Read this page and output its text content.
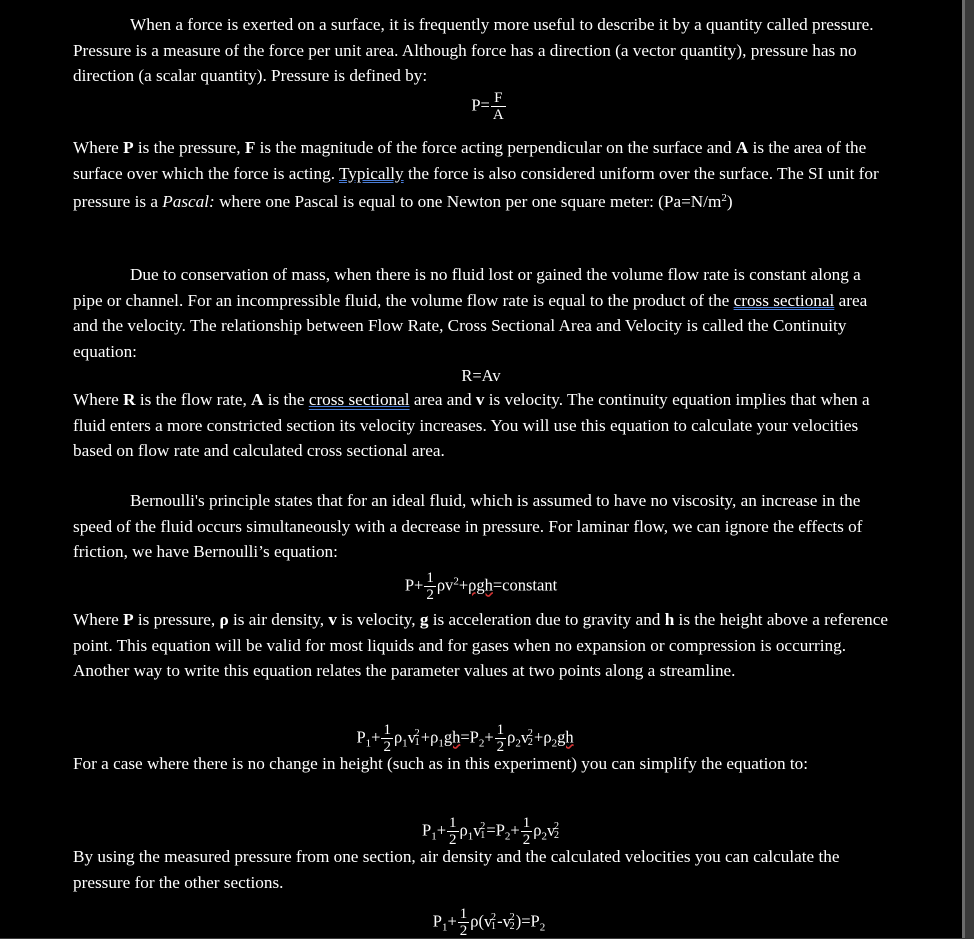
When a force is exerted on a surface, it is frequently more useful to describe it by a quantity called pressure. Pressure is a measure of the force per unit area. Although force has a direction (a vector quantity), pressure has no direction (a scalar quantity). Pressure is defined by:

$P= \frac{F}{A}$

Where P is the pressure, F is the magnitude of the force acting perpendicular on the surface and A is the area of the surface over which the force is acting. Typically the force is also considered uniform over the surface. The SI unit for pressure is a Pascal: where one Pascal is equal to one Newton per one square meter: $(Pa=N/m^2)$

Due to conservation of mass, when there is no fluid lost or gained the volume flow rate is constant along a pipe or channel. For an incompressible fluid, the volume flow rate is equal to the product of the cross sectional area and the velocity. The relationship between Flow Rate, Cross Sectional Area and Velocity is called the Continuity equation:

R=Av

Where R is the flow rate, A is the cross sectional area and v is velocity. The continuity equation implies that when a fluid enters a more constricted section its velocity increases. You will use this equation to calculate your velocities based on flow rate and calculated cross sectional area.

Bernoulli's principle states that for an ideal fluid, which is assumed to have no viscosity, an increase in the speed of the fluid occurs simultaneously with a decrease in pressure. For laminar flow, we can ignore the effects of friction, we have Bernoulli’s equation:

$P+ \frac{1}{2}$ $\rho v^2+\rho gh=constant$

Where P is pressure, ρ is air density, v is velocity, g is acceleration due to gravity and h is the height above a reference point. This equation will be valid for most liquids and for gases when no expansion or compression is occurring. Another way to write this equation relates the parameter values at two points along a streamline.

$P_1+ \frac{1}{2} \rho_1$ v
2
$1 +\rho_1gh=P_2+ \frac{1}{2} \rho_2$ v
2
$2 +\rho_2gh$

For a case where there is no change in height (such as in this experiment) you can simplify the equation to:

$P_1+ \frac{1}{2} \rho_1$ v
2
$1 =P_2+ \frac{1}{2} \rho_2$ v
2
2

By using the measured pressure from one section, air density and the calculated velocities you can calculate the pressure for the other sections.

$P_1+ \frac{1}{2} \rho$( v
2
1 - v
2
2 )$=P_2$
